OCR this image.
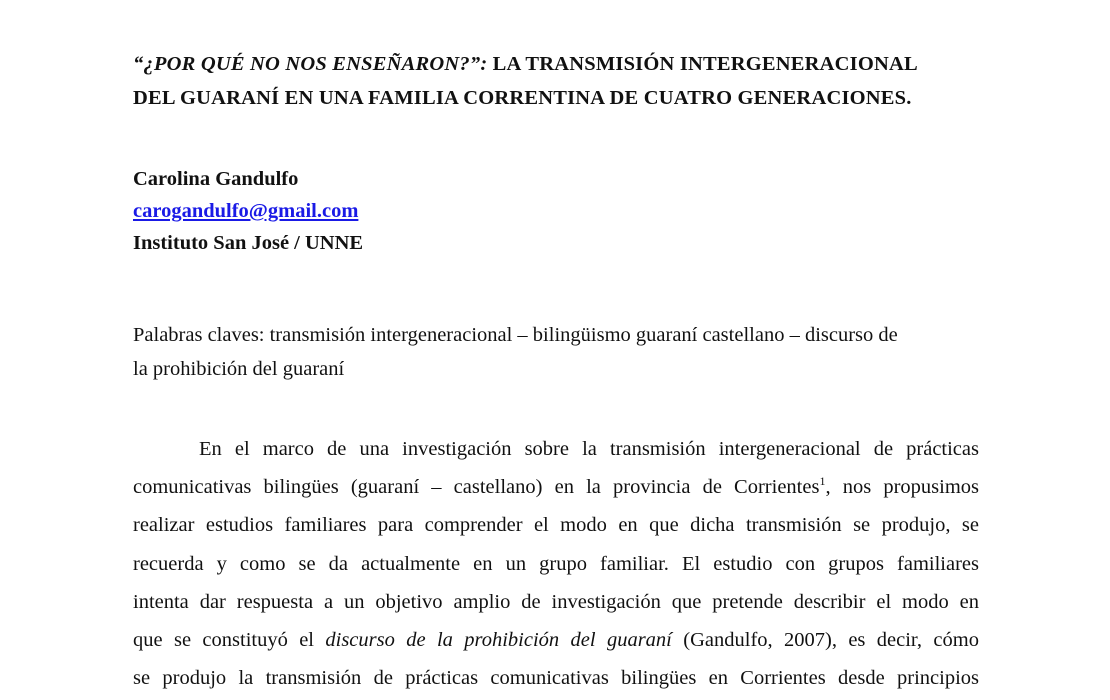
“¿POR QUÉ NO NOS ENSEÑARON?”: LA TRANSMISIÓN INTERGENERACIONAL
DEL GUARANÍ EN UNA FAMILIA CORRENTINA DE CUATRO GENERACIONES.
Carolina Gandulfo
carogandulfo@gmail.com
Instituto San José / UNNE
Palabras claves: transmisión intergeneracional – bilingüismo guaraní castellano – discurso de
la prohibición del guaraní
En el marco de una investigación sobre la transmisión intergeneracional de prácticas
comunicativas bilingües (guaraní – castellano) en la provincia de Corrientes$^1$, nos propusimos
realizar estudios familiares para comprender el modo en que dicha transmisión se produjo, se
recuerda y como se da actualmente en un grupo familiar. El estudio con grupos familiares
intenta dar respuesta a un objetivo amplio de investigación que pretende describir el modo en
que se constituyó el discurso de la prohibición del guaraní (Gandulfo, 2007), es decir, cómo
se produjo la transmisión de prácticas comunicativas bilingües en Corrientes desde principios
